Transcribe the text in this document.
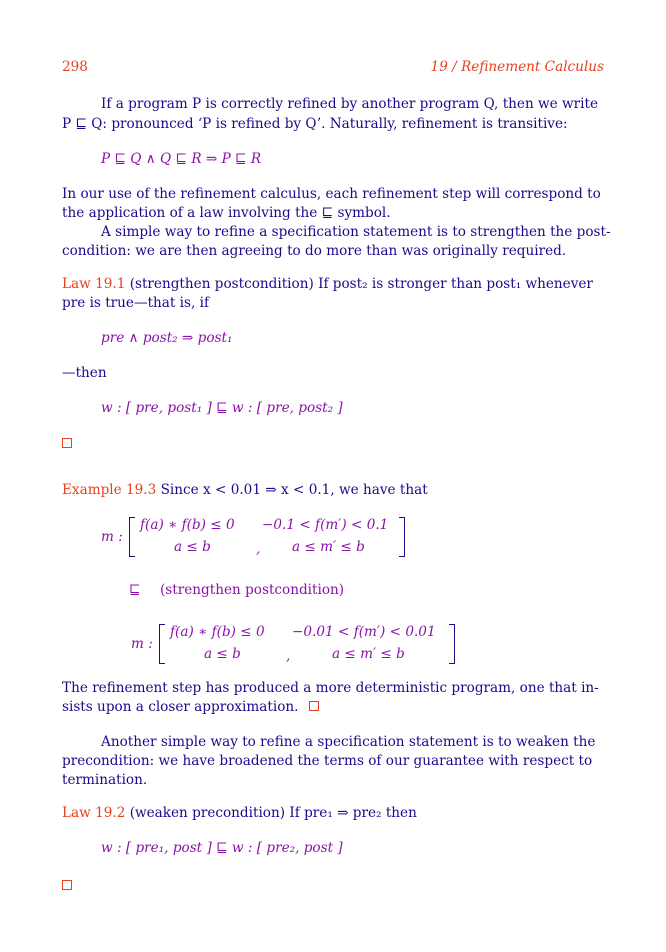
298	19 / Refinement Calculus
If a program P is correctly refined by another program Q, then we write
P ⊑ Q: pronounced ‘P is refined by Q’. Naturally, refinement is transitive:
P ⊑ Q ∧ Q ⊑ R ⇒ P ⊑ R
In our use of the refinement calculus, each refinement step will correspond to
the application of a law involving the ⊑ symbol.
A simple way to refine a specification statement is to strengthen the post-
condition: we are then agreeing to do more than was originally required.
Law 19.1 (strengthen postcondition) If post₂ is stronger than post₁ whenever
pre is true—that is, if
pre ∧ post₂ ⇒ post₁
—then
w : [ pre, post₁ ] ⊑ w : [ pre, post₂ ]
Example 19.3 Since x < 0.01 ⇒ x < 0.1, we have that
m :
f(a) ∗ f(b) ≤ 0 −0.1 < f(m′) < 0.1
a ≤ b	, a ≤ m′ ≤ b
⊑ (strengthen postcondition)
m :
f(a) ∗ f(b) ≤ 0 −0.01 < f(m′) < 0.01
a ≤ b	,	a ≤ m′ ≤ b
The refinement step has produced a more deterministic program, one that in-
sists upon a closer approximation.
Another simple way to refine a specification statement is to weaken the
precondition: we have broadened the terms of our guarantee with respect to
termination.
Law 19.2 (weaken precondition) If pre₁ ⇒ pre₂ then
w : [ pre₁, post ] ⊑ w : [ pre₂, post ]
